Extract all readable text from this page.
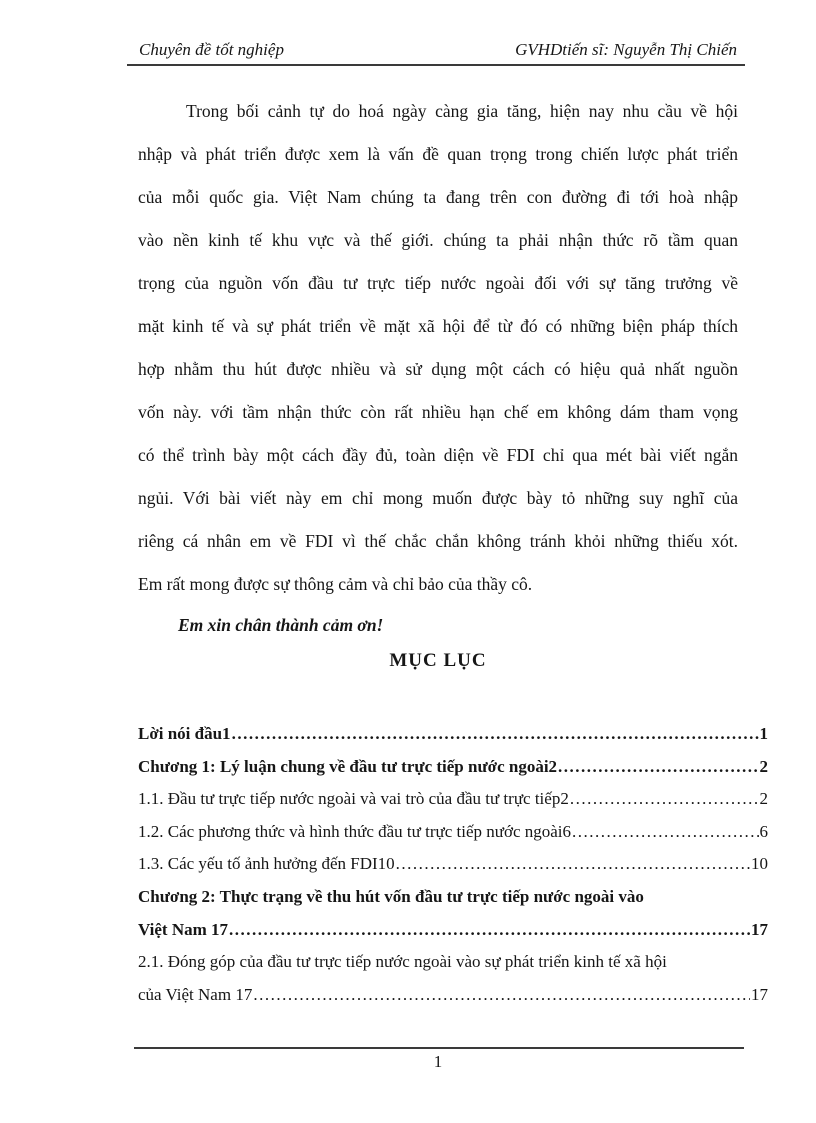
Chuyên đề tốt nghiệp	GVHDtiến sĩ: Nguyễn Thị Chiến
Trong bối cảnh tự do hoá ngày càng gia tăng, hiện nay nhu cầu về hội
nhập và phát triển được xem là vấn đề quan trọng trong chiến lược phát triển
của mỗi quốc gia. Việt Nam chúng ta đang trên con đường đi tới hoà nhập
vào nền kinh tế khu vực và thế giới. chúng ta phải nhận thức rõ tầm quan
trọng của nguồn vốn đầu tư trực tiếp nước ngoài đối với sự tăng trưởng về
mặt kinh tế và sự phát triển về mặt xã hội để từ đó có những biện pháp thích
hợp nhằm thu hút được nhiều và sử dụng một cách có hiệu quả nhất nguồn
vốn này. với tầm nhận thức còn rất nhiều hạn chế em không dám tham vọng
có thể trình bày một cách đầy đủ, toàn diện về FDI chỉ qua mét bài viết ngắn
ngủi. Với bài viết này em chỉ mong muốn được bày tỏ những suy nghĩ của
riêng cá nhân em về FDI vì thế chắc chắn không tránh khỏi những thiếu xót.
Em rất mong được sự thông cảm và chỉ bảo của thầy cô.
Em xin chân thành cảm ơn!
MỤC LỤC
Lời nói đầu1 .....	1
Chương 1: Lý luận chung về đầu tư trực tiếp nước ngoài2 .....	2
1.1. Đầu tư trực tiếp nước ngoài và vai trò của đầu tư trực tiếp2 .....	2
1.2. Các phương thức và hình thức đầu tư trực tiếp nước ngoài6 .....	6
1.3. Các yếu tố ảnh hưởng đến FDI10 .....	10
Chương 2: Thực trạng về thu hút vốn đầu tư trực tiếp nước ngoài vào
Việt Nam 17 .....	17
2.1. Đóng góp của đầu tư trực tiếp nước ngoài vào sự phát triển kinh tế xã hội
của Việt Nam 17 .....	17
1
